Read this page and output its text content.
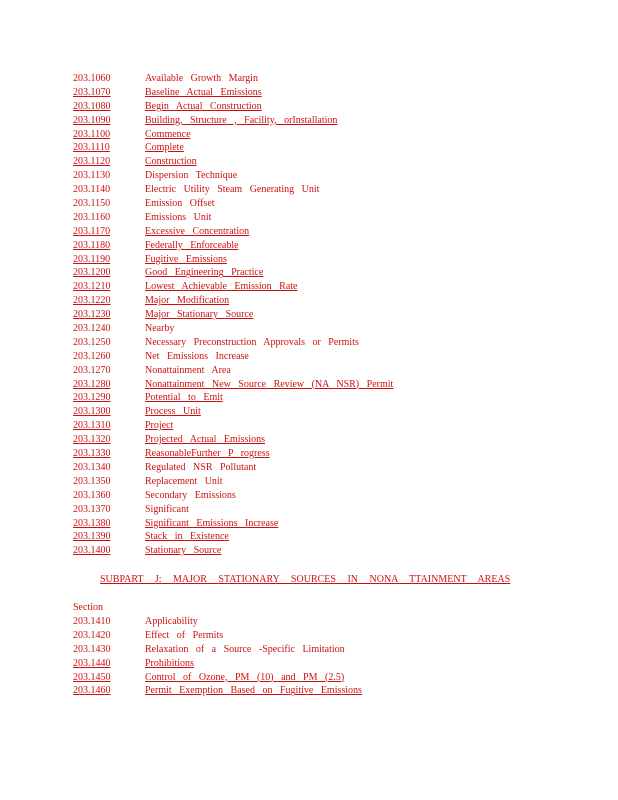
203.1060	Available Growth Margin
203.1070	Baseline Actual Emissions
203.1080	Begin Actual Construction
203.1090	Building, Structure , Facility, orInstallation
203.1100	Commence
203.1110	Complete
203.1120	Construction
203.1130	Dispersion Technique
203.1140	Electric Utility Steam Generating Unit
203.1150	Emission Offset
203.1160	Emissions Unit
203.1170	Excessive Concentration
203.1180	Federally Enforceable
203.1190	Fugitive Emissions
203.1200	Good Engineering Practice
203.1210	Lowest Achievable Emission Rate
203.1220	Major Modification
203.1230	Major Stationary Source
203.1240	Nearby
203.1250	Necessary Preconstruction Approvals or Permits
203.1260	Net Emissions Increase
203.1270	Nonattainment Area
203.1280	Nonattainment New Source Review (NA NSR) Permit
203.1290	Potential to Emit
203.1300	Process Unit
203.1310	Project
203.1320	Projected Actual Emissions
203.1330	ReasonableFurther P rogress
203.1340	Regulated NSR Pollutant
203.1350	Replacement Unit
203.1360	Secondary Emissions
203.1370	Significant
203.1380	Significant Emissions Increase
203.1390	Stack in Existence
203.1400	Stationary Source
SUBPART J: MAJOR STATIONARY SOURCES IN NONA TTAINMENT AREAS
Section
203.1410	Applicability
203.1420	Effect of Permits
203.1430	Relaxation of a Source -Specific Limitation
203.1440	Prohibitions
203.1450	Control of Ozone, PM (10) and PM (2.5)
203.1460	Permit Exemption Based on Fugitive Emissions
